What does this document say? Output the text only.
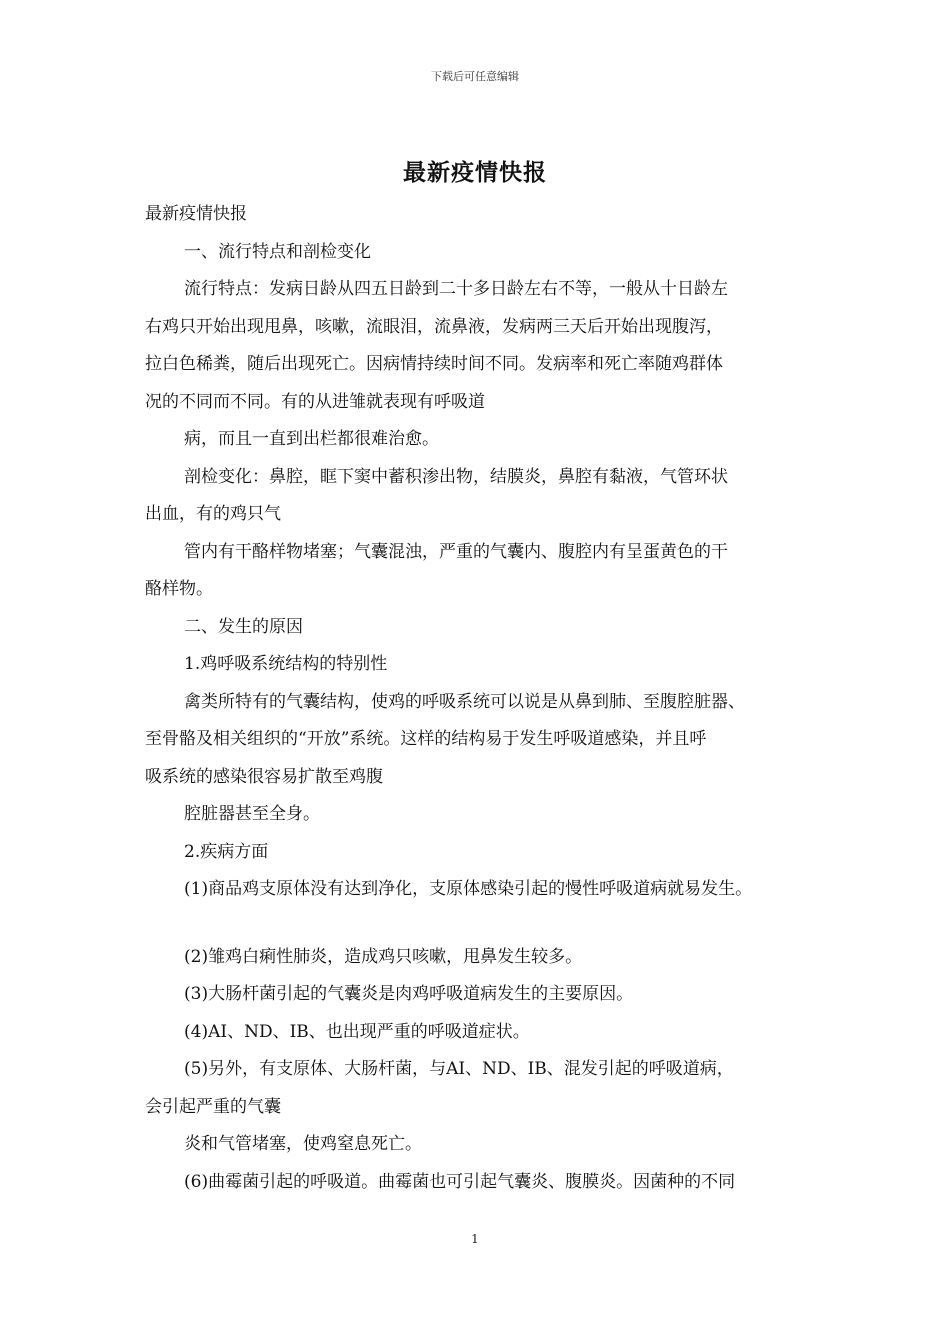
下载后可任意编辑
最新疫情快报

最新疫情快报

一、流行特点和剖检变化

流行特点：发病日龄从四五日龄到二十多日龄左右不等，一般从十日龄左

右鸡只开始出现甩鼻，咳嗽，流眼泪，流鼻液，发病两三天后开始出现腹泻，

拉白色稀粪，随后出现死亡。因病情持续时间不同。发病率和死亡率随鸡群体

况的不同而不同。有的从进雏就表现有呼吸道

病，而且一直到出栏都很难治愈。

剖检变化：鼻腔，眶下窦中蓄积渗出物，结膜炎，鼻腔有黏液，气管环状

出血，有的鸡只气

管内有干酪样物堵塞；气囊混浊，严重的气囊内、腹腔内有呈蛋黄色的干

酪样物。

二、发生的原因

1.鸡呼吸系统结构的特别性

禽类所特有的气囊结构，使鸡的呼吸系统可以说是从鼻到肺、至腹腔脏器、

至骨骼及相关组织的“开放”系统。这样的结构易于发生呼吸道感染，并且呼

吸系统的感染很容易扩散至鸡腹

腔脏器甚至全身。

2.疾病方面

(1)商品鸡支原体没有达到净化，支原体感染引起的慢性呼吸道病就易发生。

(2)雏鸡白痢性肺炎，造成鸡只咳嗽，甩鼻发生较多。

(3)大肠杆菌引起的气囊炎是肉鸡呼吸道病发生的主要原因。

(4)AI、ND、IB、也出现严重的呼吸道症状。

(5)另外，有支原体、大肠杆菌，与AI、ND、IB、混发引起的呼吸道病，

会引起严重的气囊

炎和气管堵塞，使鸡窒息死亡。

(6)曲霉菌引起的呼吸道。曲霉菌也可引起气囊炎、腹膜炎。因菌种的不同

1
